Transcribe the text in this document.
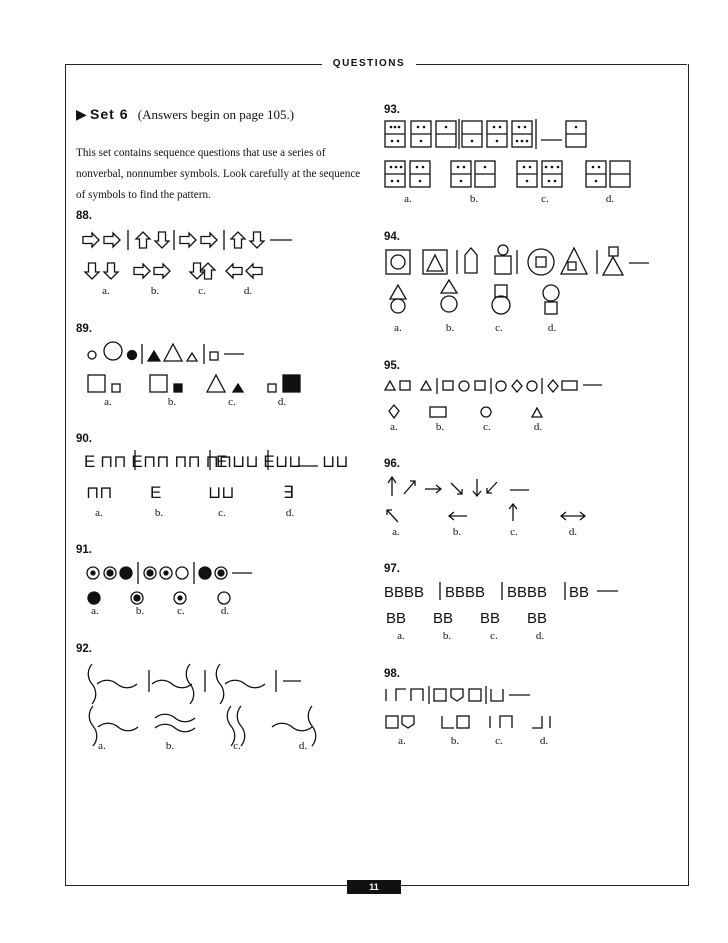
QUESTIONS
▶ Set 6 (Answers begin on page 105.)
This set contains sequence questions that use a series of nonverbal, nonnumber symbols. Look carefully at the sequence of symbols to find the pattern.
88.
89.
90.
91.
92.
93.
94.
95.
96.
97.
98.
a.	b.	c.	d.
a.	b.	c.	d.
a.	b.	c.	d.
a.	b.	c.	d.
a.	b.	c.	d.
a.	b.	c.	d.
a.	b.	c.	d.
a.	b.	c.	d.
a.	b.	c.	d.
a.	b.	c.	d.
a.	b.	c.	d.
E ⊓⊓ E ⊓⊓ ⊓⊓ ⊓⊓
E ⊔⊔ E ⊔⊔ ⊔⊔
⊓⊓ E	⊔⊔	∃
BBBB BBBB BBBB BB
BB BB BB BB
11
